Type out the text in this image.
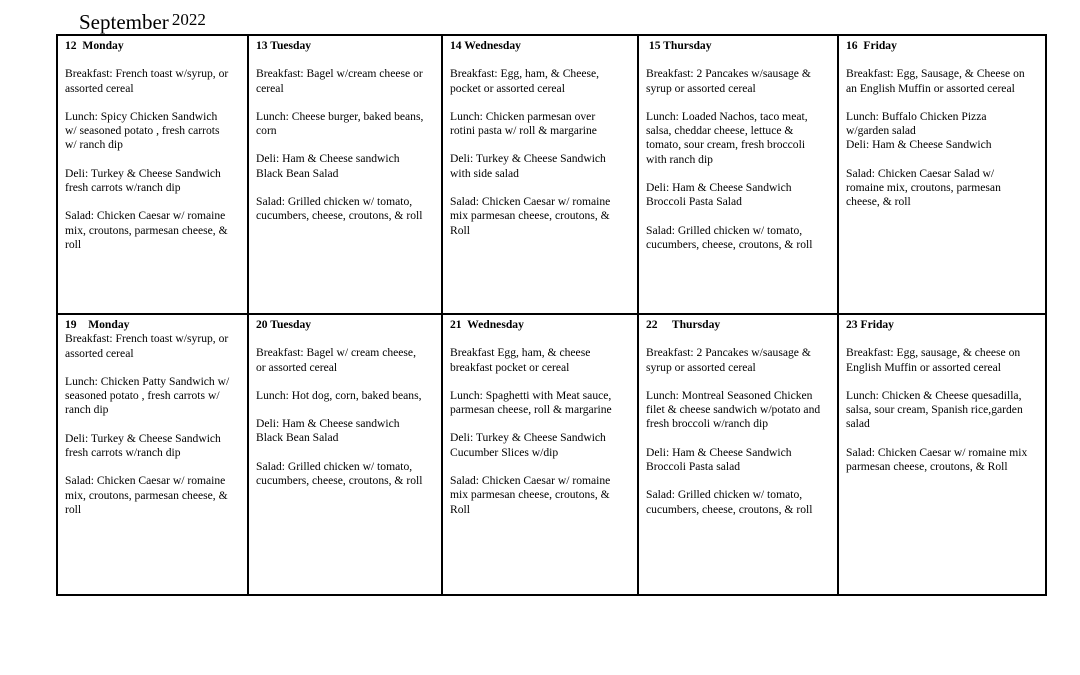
September 2022
12  Monday
Breakfast: French toast w/syrup, or
assorted cereal
Lunch: Spicy Chicken Sandwich
w/ seasoned potato , fresh carrots
w/ ranch dip
Deli: Turkey & Cheese Sandwich
fresh carrots w/ranch dip
Salad: Chicken Caesar w/ romaine
mix, croutons, parmesan cheese, &
roll
13 Tuesday
Breakfast: Bagel w/cream cheese or
cereal
Lunch: Cheese burger, baked beans,
corn
Deli: Ham & Cheese sandwich
Black Bean Salad
Salad: Grilled chicken w/ tomato,
cucumbers, cheese, croutons, & roll
14 Wednesday
Breakfast: Egg, ham, & Cheese,
pocket or assorted cereal
Lunch: Chicken parmesan over
rotini pasta w/ roll & margarine
Deli: Turkey & Cheese Sandwich
with side salad
Salad: Chicken Caesar w/ romaine
mix parmesan cheese, croutons, &
Roll
15 Thursday
Breakfast: 2 Pancakes w/sausage &
syrup or assorted cereal
Lunch: Loaded Nachos, taco meat,
salsa, cheddar cheese, lettuce &
tomato, sour cream, fresh broccoli
with ranch dip
Deli: Ham & Cheese Sandwich
Broccoli Pasta Salad
Salad: Grilled chicken w/ tomato,
cucumbers, cheese, croutons, & roll
16  Friday
Breakfast: Egg, Sausage, & Cheese on
an English Muffin or assorted cereal
Lunch: Buffalo Chicken Pizza
w/garden salad
Deli: Ham & Cheese Sandwich
Salad: Chicken Caesar Salad w/
romaine mix, croutons, parmesan
cheese, & roll
19    Monday
Breakfast: French toast w/syrup, or
assorted cereal
Lunch: Chicken Patty Sandwich w/
seasoned potato , fresh carrots w/
ranch dip
Deli: Turkey & Cheese Sandwich
fresh carrots w/ranch dip
Salad: Chicken Caesar w/ romaine
mix, croutons, parmesan cheese, &
roll
20 Tuesday
Breakfast: Bagel w/ cream cheese,
or assorted cereal
Lunch: Hot dog, corn, baked beans,
Deli: Ham & Cheese sandwich
Black Bean Salad
Salad: Grilled chicken w/ tomato,
cucumbers, cheese, croutons, & roll
21  Wednesday
Breakfast Egg, ham, & cheese
breakfast pocket or cereal
Lunch: Spaghetti with Meat sauce,
parmesan cheese, roll & margarine
Deli: Turkey & Cheese Sandwich
Cucumber Slices w/dip
Salad: Chicken Caesar w/ romaine
mix parmesan cheese, croutons, &
Roll
22     Thursday
Breakfast: 2 Pancakes w/sausage &
syrup or assorted cereal
Lunch: Montreal Seasoned Chicken
filet & cheese sandwich w/potato and
fresh broccoli w/ranch dip
Deli: Ham & Cheese Sandwich
Broccoli Pasta salad
Salad: Grilled chicken w/ tomato,
cucumbers, cheese, croutons, & roll
23 Friday
Breakfast: Egg, sausage, & cheese on
English Muffin or assorted cereal
Lunch: Chicken & Cheese quesadilla,
salsa, sour cream, Spanish rice,garden
salad
Salad: Chicken Caesar w/ romaine mix
parmesan cheese, croutons, & Roll
